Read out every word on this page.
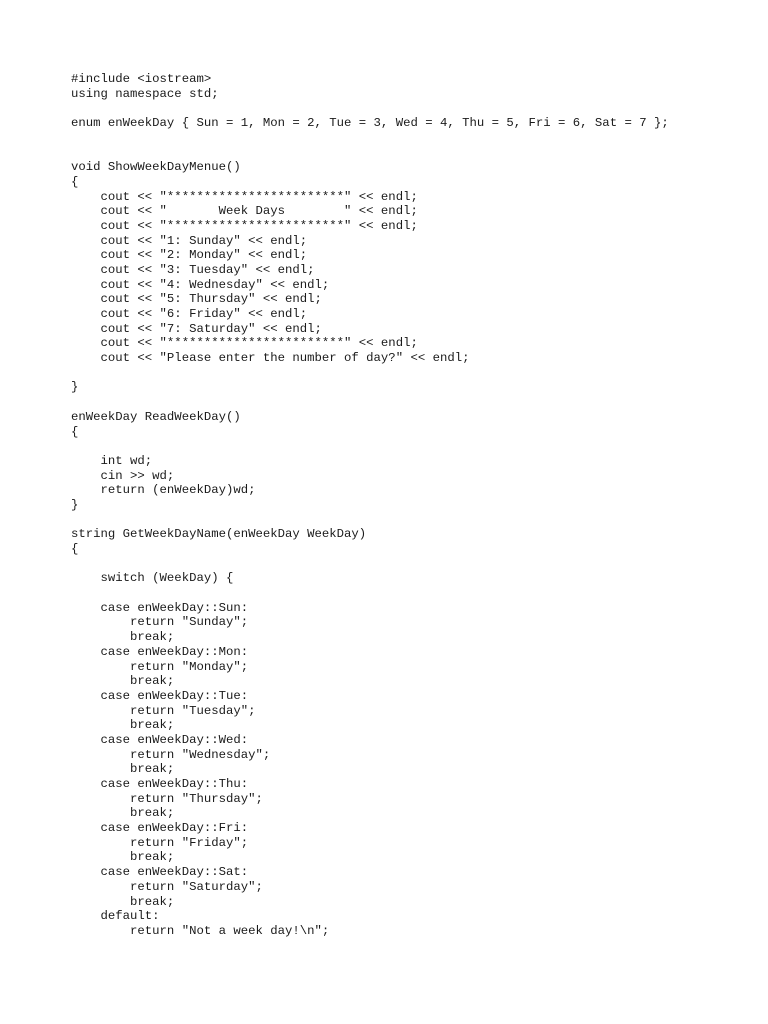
#include <iostream>
using namespace std;
enum enWeekDay { Sun = 1, Mon = 2, Tue = 3, Wed = 4, Thu = 5, Fri = 6, Sat = 7 };
void ShowWeekDayMenue()
{
cout << "************************" << endl;
cout << "       Week Days        " << endl;
cout << "************************" << endl;
cout << "1: Sunday" << endl;
cout << "2: Monday" << endl;
cout << "3: Tuesday" << endl;
cout << "4: Wednesday" << endl;
cout << "5: Thursday" << endl;
cout << "6: Friday" << endl;
cout << "7: Saturday" << endl;
cout << "************************" << endl;
cout << "Please enter the number of day?" << endl;
}
enWeekDay ReadWeekDay()
{
int wd;
cin >> wd;
return (enWeekDay)wd;
}
string GetWeekDayName(enWeekDay WeekDay)
{
switch (WeekDay) {
case enWeekDay::Sun:
return "Sunday";
break;
case enWeekDay::Mon:
return "Monday";
break;
case enWeekDay::Tue:
return "Tuesday";
break;
case enWeekDay::Wed:
return "Wednesday";
break;
case enWeekDay::Thu:
return "Thursday";
break;
case enWeekDay::Fri:
return "Friday";
break;
case enWeekDay::Sat:
return "Saturday";
break;
default:
return "Not a week day!\n";
